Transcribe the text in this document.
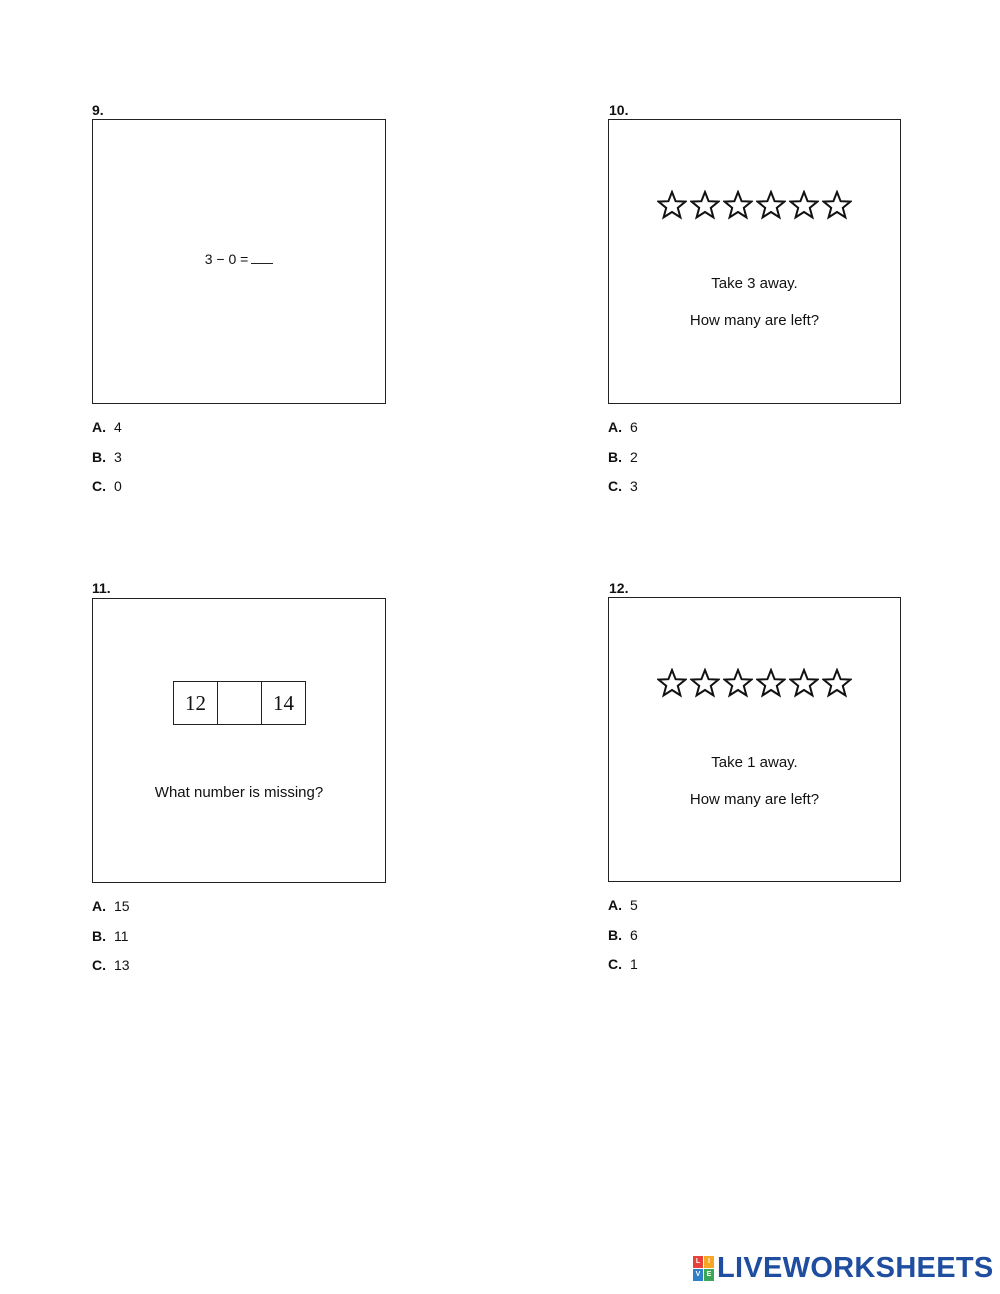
9.
3 − 0 =
A. 4
B. 3
C. 0
10.
Take 3 away.
How many are left?
A. 6
B. 2
C. 3
11.
12	14
What number is missing?
A. 15
B. 11
C. 13
12.
Take 1 away.
How many are left?
A. 5
B. 6
C. 1
L	I
V E LIVEWORKSHEETS
